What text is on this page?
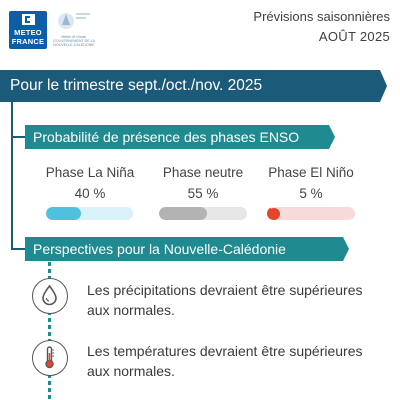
METEO
FRANCE	Météo et climat. GOUVERNEMENT DE LA NOUVELLE-CALÉDONIE
Prévisions saisonnières
AOÛT 2025
Pour le trimestre sept./oct./nov. 2025
Probabilité de présence des phases ENSO
Phase La Niña
40 %
Phase neutre
55 %
Phase El Niño
5 %
Perspectives pour la Nouvelle-Calédonie
Les précipitations devraient être supérieures
aux normales.
Les températures devraient être supérieures
aux normales.
